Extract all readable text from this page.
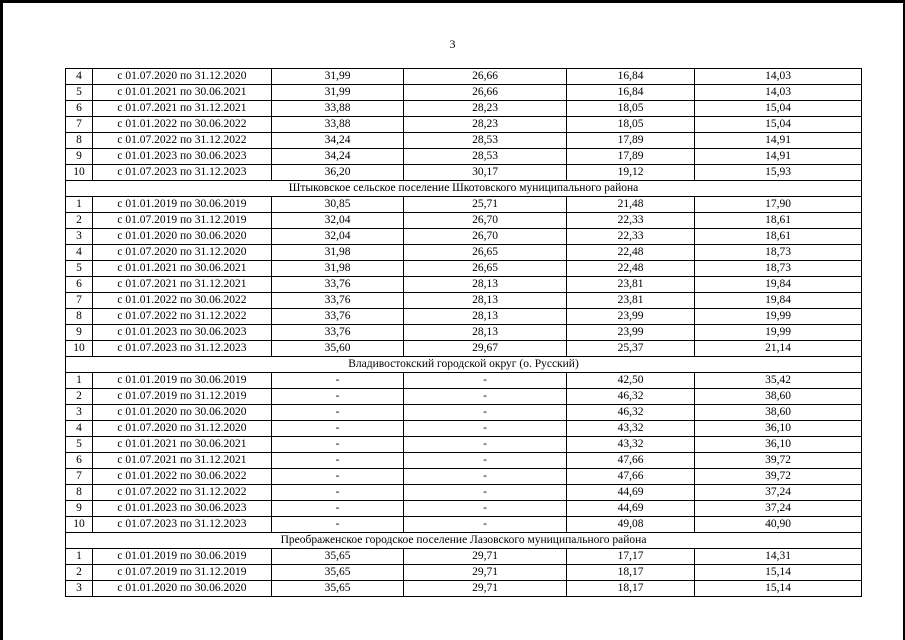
3
4	с 01.07.2020 по 31.12.2020	31,99	26,66	16,84	14,03
5	с 01.01.2021 по 30.06.2021	31,99	26,66	16,84	14,03
6	с 01.07.2021 по 31.12.2021	33,88	28,23	18,05	15,04
7	с 01.01.2022 по 30.06.2022	33,88	28,23	18,05	15,04
8	с 01.07.2022 по 31.12.2022	34,24	28,53	17,89	14,91
9	с 01.01.2023 по 30.06.2023	34,24	28,53	17,89	14,91
10	с 01.07.2023 по 31.12.2023	36,20	30,17	19,12	15,93
Штыковское сельское поселение Шкотовского муниципального района					
1	с 01.01.2019 по 30.06.2019	30,85	25,71	21,48	17,90
2	с 01.07.2019 по 31.12.2019	32,04	26,70	22,33	18,61
3	с 01.01.2020 по 30.06.2020	32,04	26,70	22,33	18,61
4	с 01.07.2020 по 31.12.2020	31,98	26,65	22,48	18,73
5	с 01.01.2021 по 30.06.2021	31,98	26,65	22,48	18,73
6	с 01.07.2021 по 31.12.2021	33,76	28,13	23,81	19,84
7	с 01.01.2022 по 30.06.2022	33,76	28,13	23,81	19,84
8	с 01.07.2022 по 31.12.2022	33,76	28,13	23,99	19,99
9	с 01.01.2023 по 30.06.2023	33,76	28,13	23,99	19,99
10	с 01.07.2023 по 31.12.2023	35,60	29,67	25,37	21,14
Владивостокский городской округ (о. Русский)					
1	с 01.01.2019 по 30.06.2019	-	-	42,50	35,42
2	с 01.07.2019 по 31.12.2019	-	-	46,32	38,60
3	с 01.01.2020 по 30.06.2020	-	-	46,32	38,60
4	с 01.07.2020 по 31.12.2020	-	-	43,32	36,10
5	с 01.01.2021 по 30.06.2021	-	-	43,32	36,10
6	с 01.07.2021 по 31.12.2021	-	-	47,66	39,72
7	с 01.01.2022 по 30.06.2022	-	-	47,66	39,72
8	с 01.07.2022 по 31.12.2022	-	-	44,69	37,24
9	с 01.01.2023 по 30.06.2023	-	-	44,69	37,24
10	с 01.07.2023 по 31.12.2023	-	-	49,08	40,90
Преображенское городское поселение Лазовского муниципального района					
1	с 01.01.2019 по 30.06.2019	35,65	29,71	17,17	14,31
2	с 01.07.2019 по 31.12.2019	35,65	29,71	18,17	15,14
3	с 01.01.2020 по 30.06.2020	35,65	29,71	18,17	15,14
